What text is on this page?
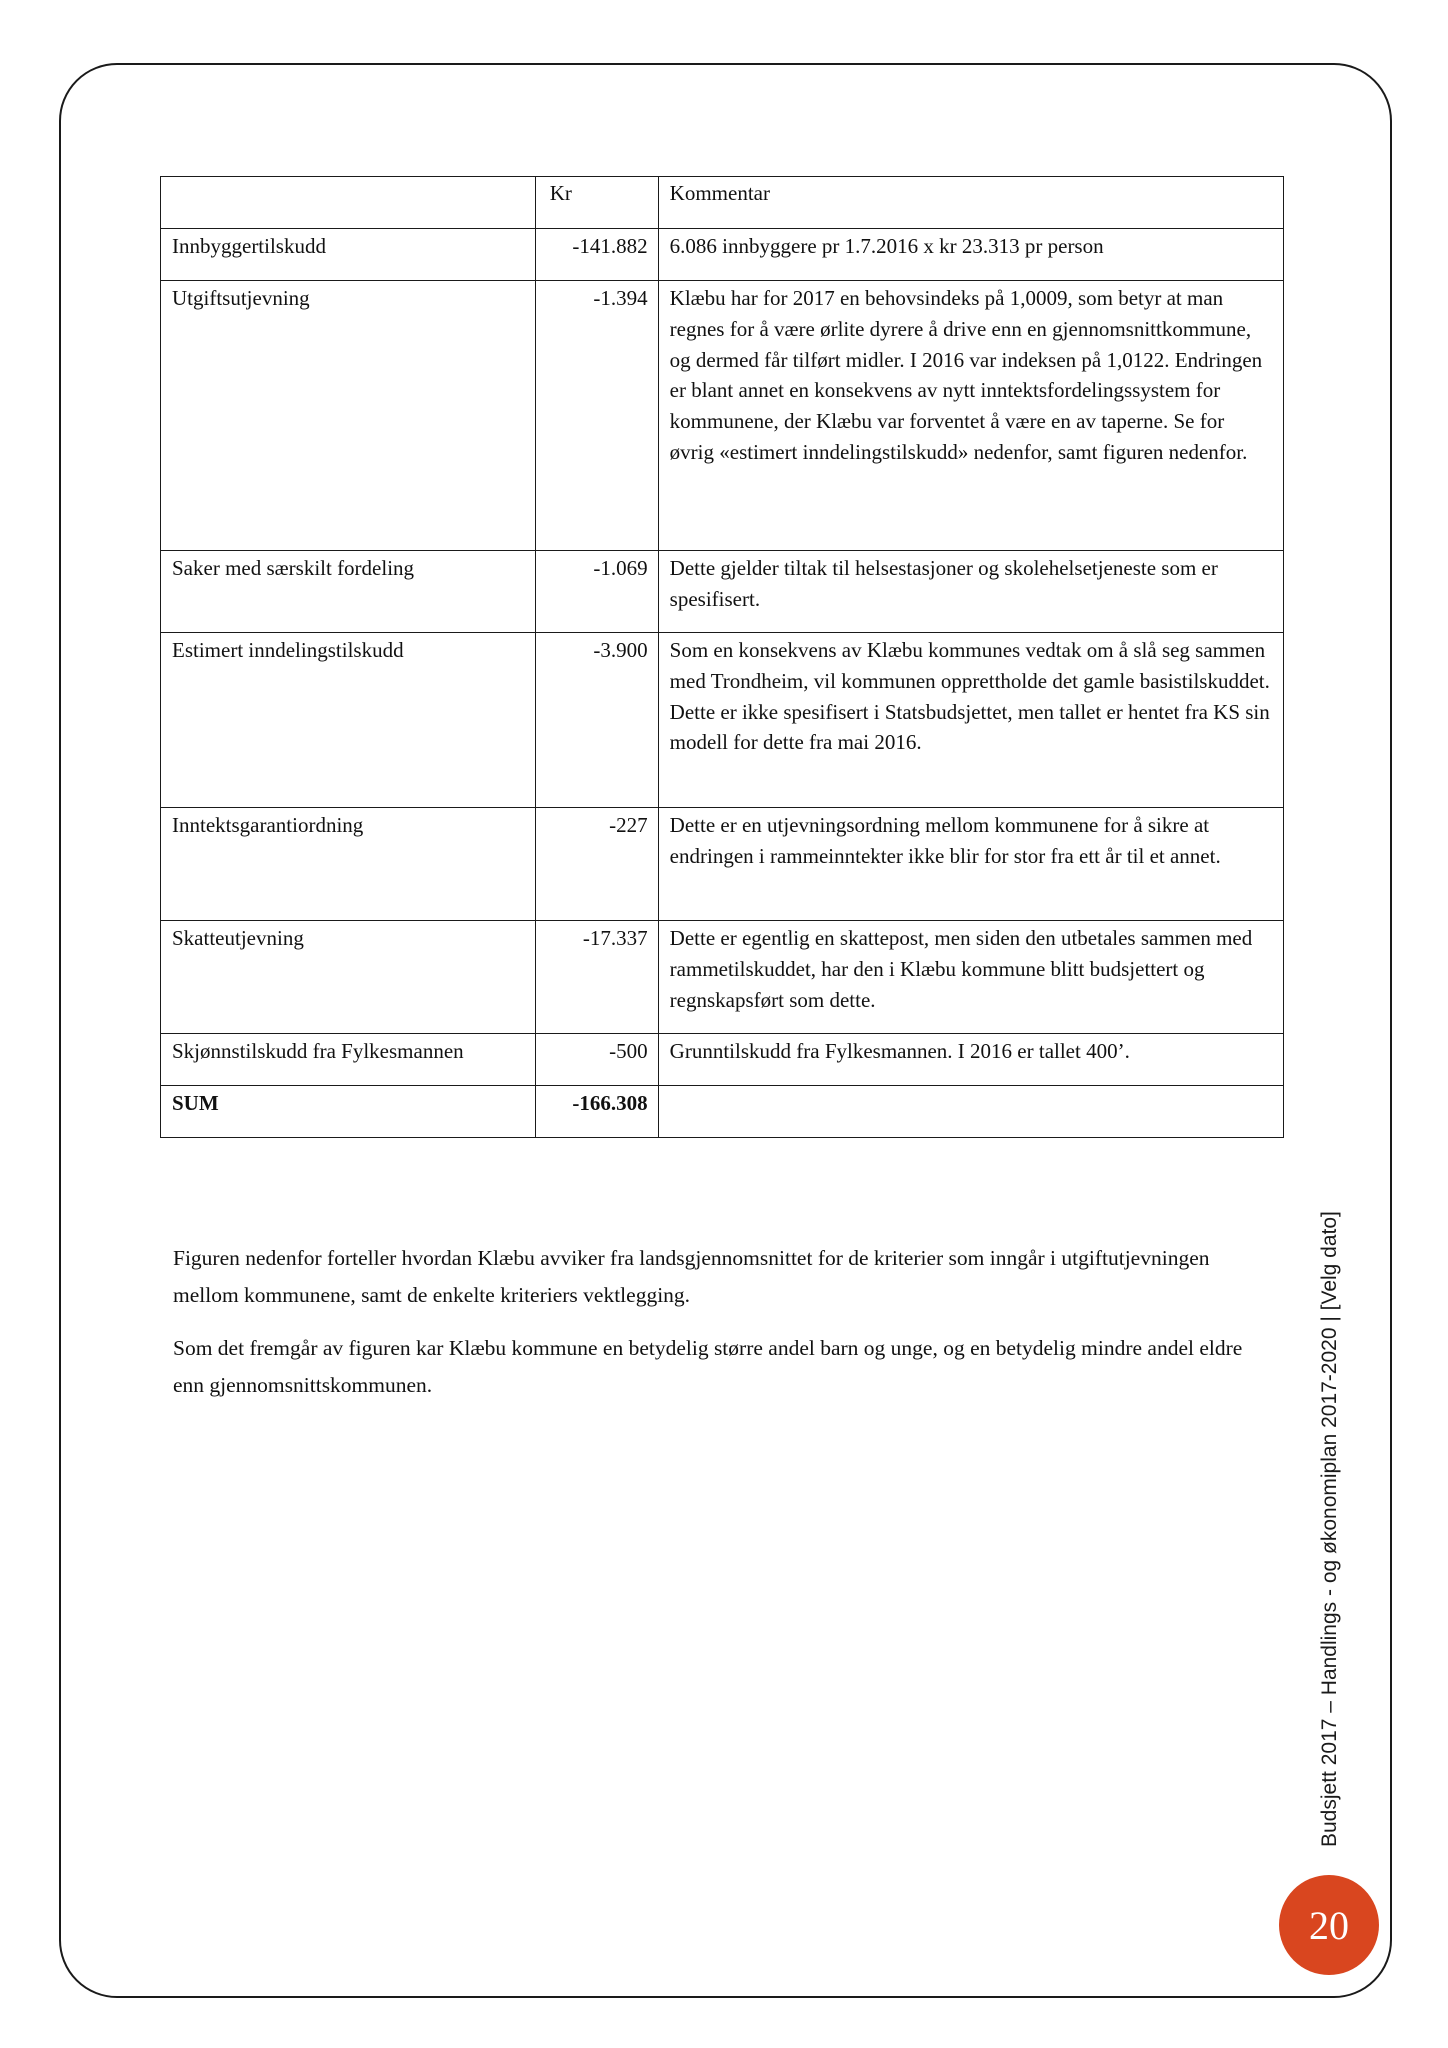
	Kr	Kommentar
Innbyggertilskudd	-141.882	6.086 innbyggere pr 1.7.2016 x kr 23.313 pr person
Utgiftsutjevning	-1.394	Klæbu har for 2017 en behovsindeks på 1,0009, som betyr at man regnes for å være ørlite dyrere å drive enn en gjennomsnittkommune, og dermed får tilført midler. I 2016 var indeksen på 1,0122. Endringen er blant annet en konsekvens av nytt inntektsfordelingssystem for kommunene, der Klæbu var forventet å være en av taperne. Se for øvrig «estimert inndelingstilskudd» nedenfor, samt figuren nedenfor.
Saker med særskilt fordeling	-1.069	Dette gjelder tiltak til helsestasjoner og skolehelsetjeneste som er spesifisert.
Estimert inndelingstilskudd	-3.900	Som en konsekvens av Klæbu kommunes vedtak om å slå seg sammen med Trondheim, vil kommunen opprettholde det gamle basistilskuddet. Dette er ikke spesifisert i Statsbudsjettet, men tallet er hentet fra KS sin modell for dette fra mai 2016.
Inntektsgarantiordning	-227	Dette er en utjevningsordning mellom kommunene for å sikre at endringen i rammeinntekter ikke blir for stor fra ett år til et annet.
Skatteutjevning	-17.337	Dette er egentlig en skattepost, men siden den utbetales sammen med rammetilskuddet, har den i Klæbu kommune blitt budsjettert og regnskapsført som dette.
Skjønnstilskudd fra Fylkesmannen	-500	Grunntilskudd fra Fylkesmannen. I 2016 er tallet 400’.
SUM	-166.308	

Figuren nedenfor forteller hvordan Klæbu avviker fra landsgjennomsnittet for de kriterier som inngår i utgiftutjevningen mellom kommunene, samt de enkelte kriteriers vektlegging.

Som det fremgår av figuren kar Klæbu kommune en betydelig større andel barn og unge, og en betydelig mindre andel eldre enn gjennomsnittskommunen.	Budsjett 2017 – Handlings - og økonomiplan 2017-2020 | [Velg dato]
20
